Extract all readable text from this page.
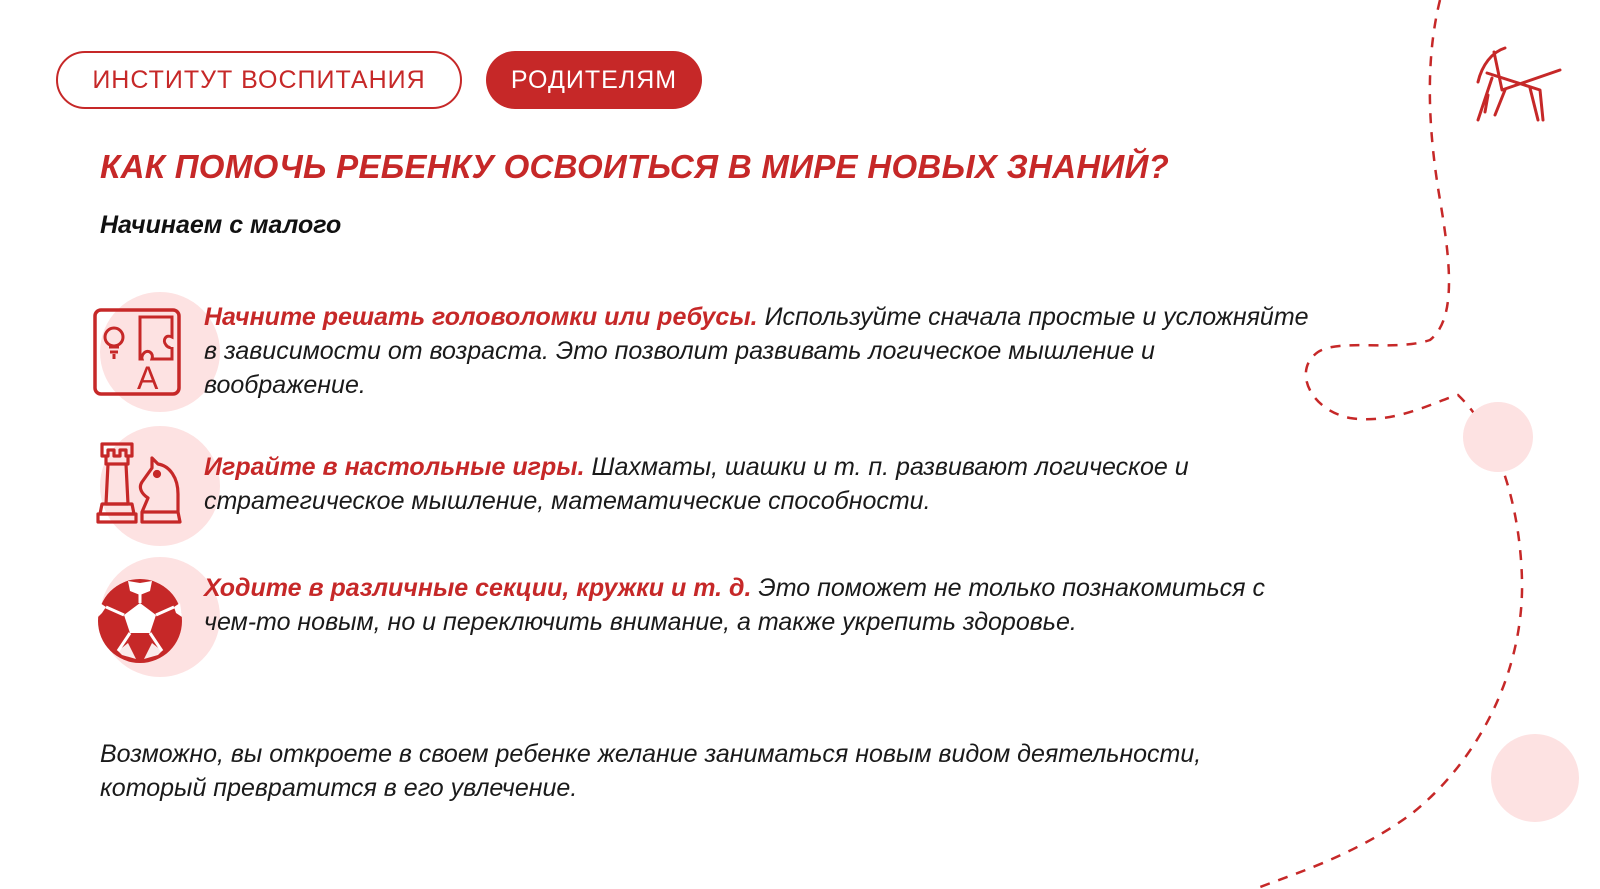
ИНСТИТУТ ВОСПИТАНИЯ	РОДИТЕЛЯМ
КАК ПОМОЧЬ РЕБЕНКУ ОСВОИТЬСЯ В МИРЕ НОВЫХ ЗНАНИЙ?
Начинаем с малого
A

Начните решать головоломки или ребусы. Используйте сначала простые и усложняйте в зависимости от возраста. Это позволит развивать логическое мышление и воображение.

Играйте в настольные игры. Шахматы, шашки и т. п. развивают логическое и стратегическое мышление, математические способности.

Ходите в различные секции, кружки и т. д. Это поможет не только познакомиться с чем-то новым, но и переключить внимание, а также укрепить здоровье.

Возможно, вы откроете в своем ребенке желание заниматься новым видом деятельности, который превратится в его увлечение.
